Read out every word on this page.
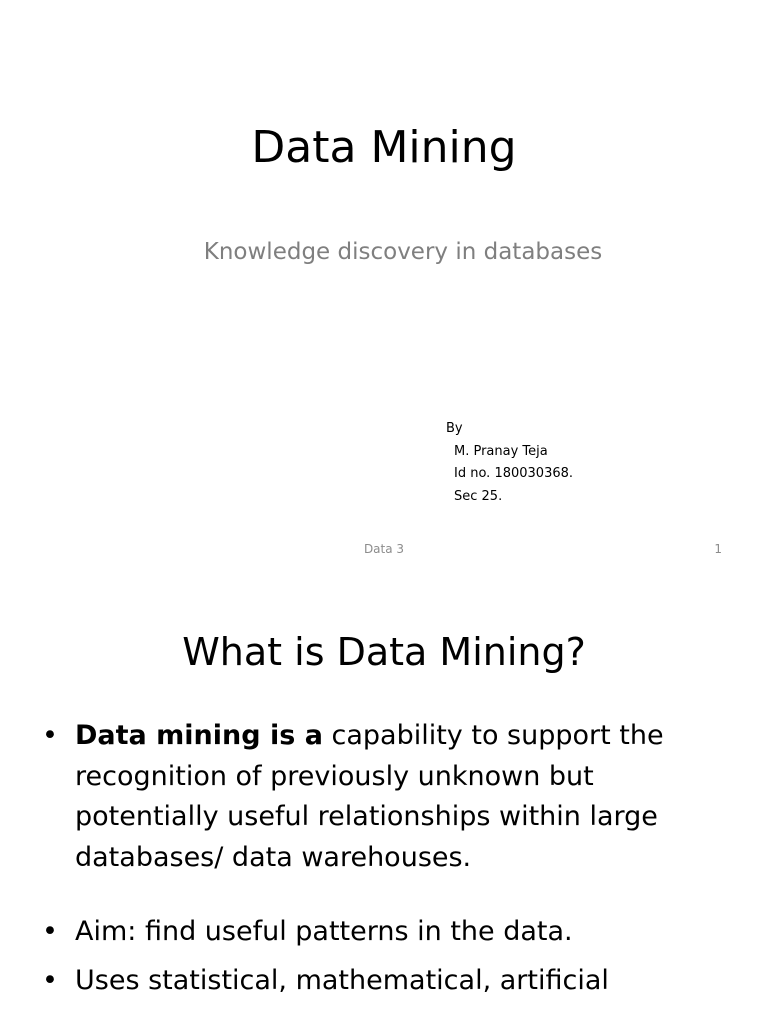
Data Mining
Knowledge discovery in databases
By
M. Pranay Teja
Id no. 180030368.
Sec 25.
Data 3	1
What is Data Mining?
• Data mining is a capability to support the recognition of previously unknown but potentially useful relationships within large databases/ data warehouses.
• Aim: find useful patterns in the data.
• Uses statistical, mathematical, artificial
